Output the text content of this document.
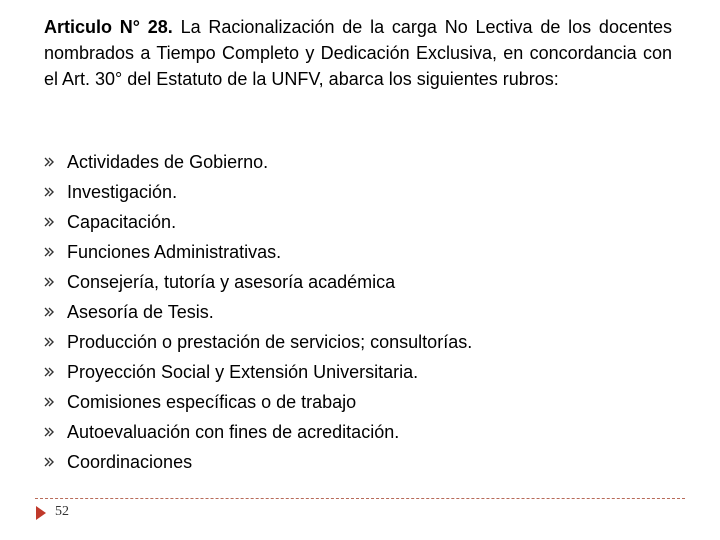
Articulo N° 28. La Racionalización de la carga No Lectiva de los docentes nombrados a Tiempo Completo y Dedicación Exclusiva, en concordancia con el Art. 30° del Estatuto de la UNFV, abarca los siguientes rubros:

Actividades de Gobierno.
Investigación.
Capacitación.
Funciones Administrativas.
Consejería, tutoría y asesoría académica
Asesoría de Tesis.
Producción o prestación de servicios; consultorías.
Proyección Social y Extensión Universitaria.
Comisiones específicas o de trabajo
Autoevaluación con fines de acreditación.
Coordinaciones
52
